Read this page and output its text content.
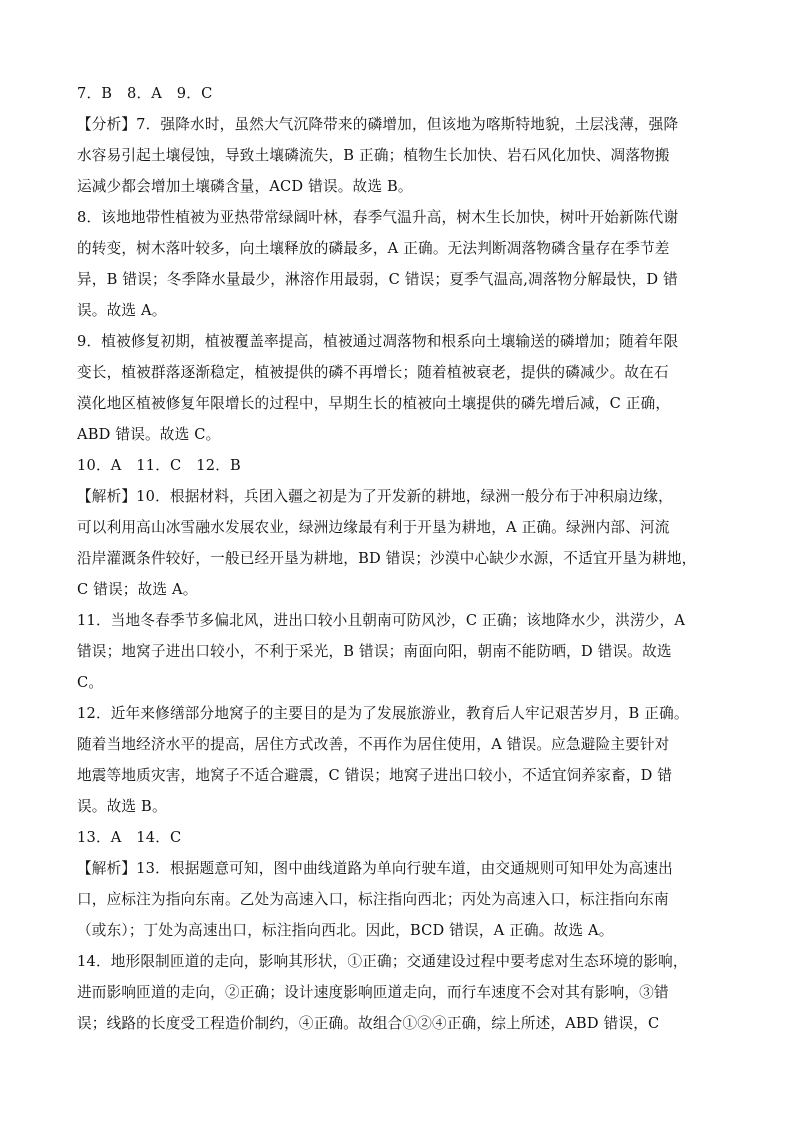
7．B　8．A　9．C
【分析】7．强降水时，虽然大气沉降带来的磷增加，但该地为喀斯特地貌，土层浅薄，强降
水容易引起土壤侵蚀，导致土壤磷流失，B 正确；植物生长加快、岩石风化加快、凋落物搬
运减少都会增加土壤磷含量，ACD 错误。故选 B。
8．该地地带性植被为亚热带常绿阔叶林，春季气温升高，树木生长加快，树叶开始新陈代谢
的转变，树木落叶较多，向土壤释放的磷最多，A 正确。无法判断凋落物磷含量存在季节差
异，B 错误；冬季降水量最少，淋溶作用最弱，C 错误；夏季气温高,凋落物分解最快，D 错
误。故选 A。
9．植被修复初期，植被覆盖率提高，植被通过凋落物和根系向土壤输送的磷增加；随着年限
变长，植被群落逐渐稳定，植被提供的磷不再增长；随着植被衰老，提供的磷减少。故在石
漠化地区植被修复年限增长的过程中，早期生长的植被向土壤提供的磷先增后减，C 正确，
ABD 错误。故选 C。
10．A　11．C　12．B
【解析】10．根据材料，兵团入疆之初是为了开发新的耕地，绿洲一般分布于冲积扇边缘，
可以利用高山冰雪融水发展农业，绿洲边缘最有利于开垦为耕地，A 正确。绿洲内部、河流
沿岸灌溉条件较好，一般已经开垦为耕地，BD 错误；沙漠中心缺少水源，不适宜开垦为耕地，
C 错误；故选 A。
11．当地冬春季节多偏北风，进出口较小且朝南可防风沙，C 正确；该地降水少，洪涝少，A
错误；地窝子进出口较小，不利于采光，B 错误；南面向阳，朝南不能防晒，D 错误。故选
C。
12．近年来修缮部分地窝子的主要目的是为了发展旅游业，教育后人牢记艰苦岁月，B 正确。
随着当地经济水平的提高，居住方式改善，不再作为居住使用，A 错误。应急避险主要针对
地震等地质灾害，地窝子不适合避震，C 错误；地窝子进出口较小，不适宜饲养家畜，D 错
误。故选 B。
13．A　14．C
【解析】13．根据题意可知，图中曲线道路为单向行驶车道，由交通规则可知甲处为高速出
口，应标注为指向东南。乙处为高速入口，标注指向西北；丙处为高速入口，标注指向东南
（或东）；丁处为高速出口，标注指向西北。因此，BCD 错误，A 正确。故选 A。
14．地形限制匝道的走向，影响其形状，①正确；交通建设过程中要考虑对生态环境的影响，
进而影响匝道的走向，②正确；设计速度影响匝道走向，而行车速度不会对其有影响，③错
误；线路的长度受工程造价制约，④正确。故组合①②④正确，综上所述，ABD 错误，C
